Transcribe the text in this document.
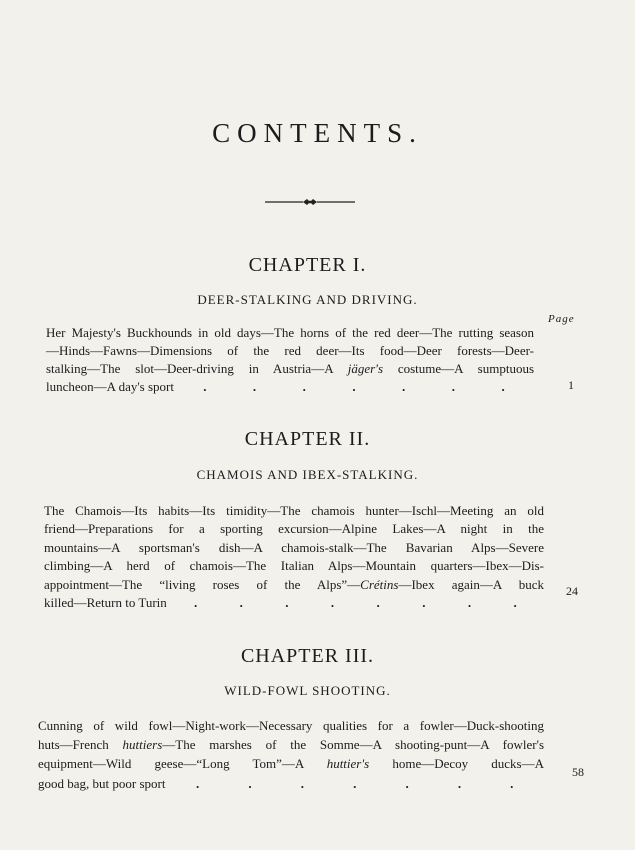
CONTENTS.
CHAPTER I.
DEER-STALKING AND DRIVING.
Page
Her Majesty's Buckhounds in old days—The horns of the red deer—The rutting season
—Hinds—Fawns—Dimensions of the red deer—Its food—Deer forests—Deer-
stalking—The slot—Deer-driving in Austria—A jäger's costume—A sumptuous
luncheon—A day's sport .	.	.	.	.	.	.	1
CHAPTER II.
CHAMOIS AND IBEX-STALKING.
The Chamois—Its habits—Its timidity—The chamois hunter—Ischl—Meeting an old
friend—Preparations for a sporting excursion—Alpine Lakes—A night in the
mountains—A sportsman's dish—A chamois-stalk—The Bavarian Alps—Severe
climbing—A herd of chamois—The Italian Alps—Mountain quarters—Ibex—Dis-
appointment—The “living roses of the Alps”—Crétins—Ibex again—A buck
killed—Return to Turin .	.	.	.	.	.	.	.
24
CHAPTER III.
WILD-FOWL SHOOTING.
Cunning of wild fowl—Night-work—Necessary qualities for a fowler—Duck-shooting
huts—French huttiers—The marshes of the Somme—A shooting-punt—A fowler's
equipment—Wild geese—“Long Tom”—A huttier's home—Decoy ducks—A
good bag, but poor sport .	.	.	.	.	.	.
58
